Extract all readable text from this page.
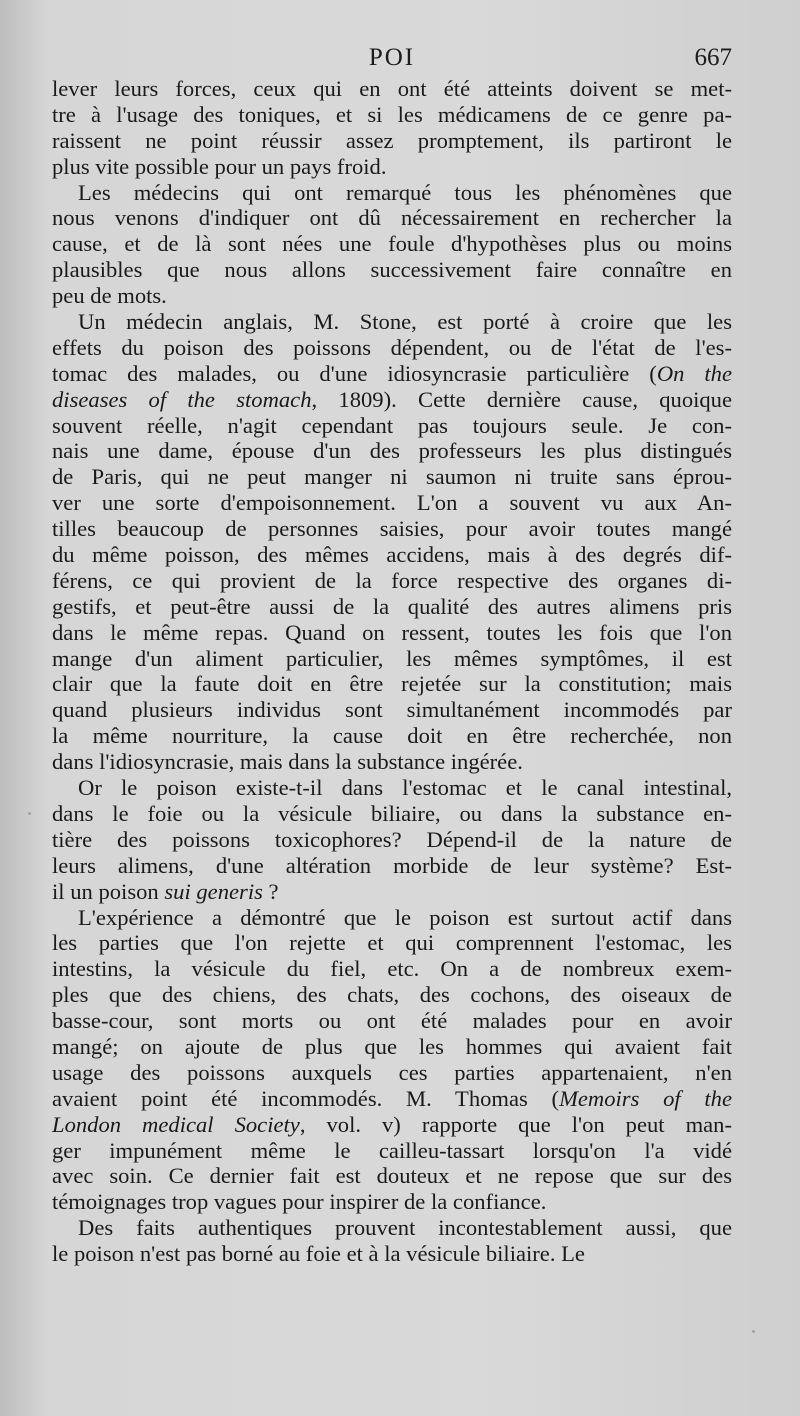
POI	667
lever leurs forces, ceux qui en ont été atteints doivent se met-
tre à l'usage des toniques, et si les médicamens de ce genre pa-
raissent ne point réussir assez promptement, ils partiront le
plus vite possible pour un pays froid.
Les médecins qui ont remarqué tous les phénomènes que
nous venons d'indiquer ont dû nécessairement en rechercher la
cause, et de là sont nées une foule d'hypothèses plus ou moins
plausibles que nous allons successivement faire connaître en
peu de mots.
Un médecin anglais, M. Stone, est porté à croire que les
effets du poison des poissons dépendent, ou de l'état de l'es-
tomac des malades, ou d'une idiosyncrasie particulière (On the
diseases of the stomach, 1809). Cette dernière cause, quoique
souvent réelle, n'agit cependant pas toujours seule. Je con-
nais une dame, épouse d'un des professeurs les plus distingués
de Paris, qui ne peut manger ni saumon ni truite sans éprou-
ver une sorte d'empoisonnement. L'on a souvent vu aux An-
tilles beaucoup de personnes saisies, pour avoir toutes mangé
du même poisson, des mêmes accidens, mais à des degrés dif-
férens, ce qui provient de la force respective des organes di-
gestifs, et peut-être aussi de la qualité des autres alimens pris
dans le même repas. Quand on ressent, toutes les fois que l'on
mange d'un aliment particulier, les mêmes symptômes, il est
clair que la faute doit en être rejetée sur la constitution; mais
quand plusieurs individus sont simultanément incommodés par
la même nourriture, la cause doit en être recherchée, non
dans l'idiosyncrasie, mais dans la substance ingérée.
Or le poison existe-t-il dans l'estomac et le canal intestinal,
dans le foie ou la vésicule biliaire, ou dans la substance en-
tière des poissons toxicophores? Dépend-il de la nature de
leurs alimens, d'une altération morbide de leur système? Est-
il un poison sui generis ?
L'expérience a démontré que le poison est surtout actif dans
les parties que l'on rejette et qui comprennent l'estomac, les
intestins, la vésicule du fiel, etc. On a de nombreux exem-
ples que des chiens, des chats, des cochons, des oiseaux de
basse-cour, sont morts ou ont été malades pour en avoir
mangé; on ajoute de plus que les hommes qui avaient fait
usage des poissons auxquels ces parties appartenaient, n'en
avaient point été incommodés. M. Thomas (Memoirs of the
London medical Society, vol. v) rapporte que l'on peut man-
ger impunément même le cailleu-tassart lorsqu'on l'a vidé
avec soin. Ce dernier fait est douteux et ne repose que sur des
témoignages trop vagues pour inspirer de la confiance.
Des faits authentiques prouvent incontestablement aussi, que
le poison n'est pas borné au foie et à la vésicule biliaire. Le
